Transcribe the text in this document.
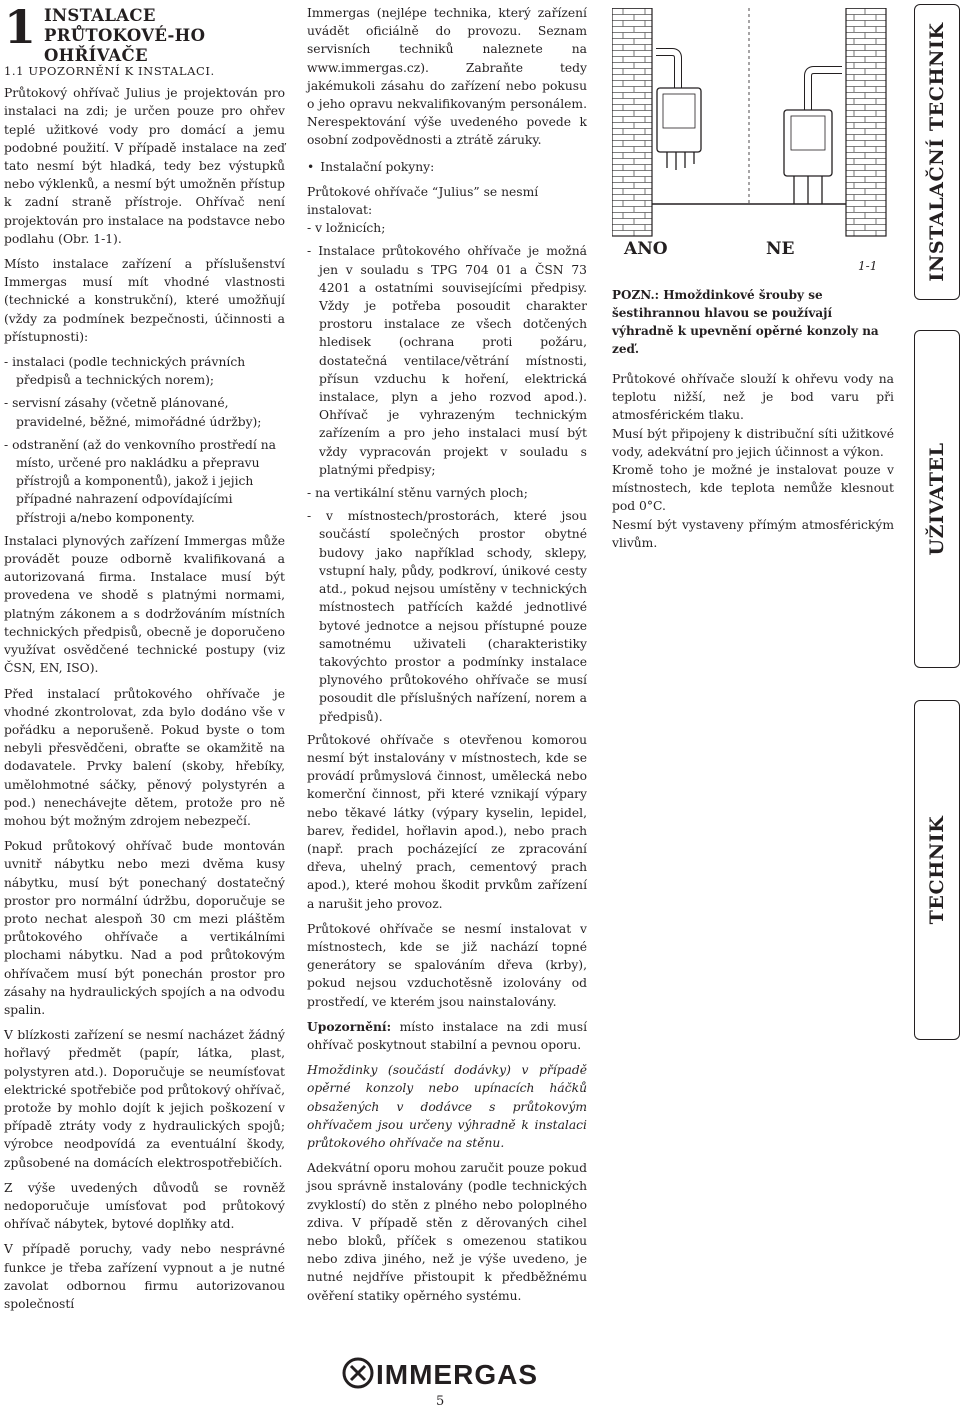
1 INSTALACE PRŮTOKOVÉ-HO OHŘÍVAČE
1.1 UPOZORNĚNÍ K INSTALACI.

Průtokový ohřívač Julius je projektován pro instalaci na zdi; je určen pouze pro ohřev teplé užitkové vody pro domácí a jemu podobné použití. V případě instalace na zeď tato nesmí být hladká, tedy bez výstupků nebo výklenků, a nesmí být umožněn přístup k zadní straně přístroje. Ohřívač není projektován pro instalace na podstavce nebo podlahu (Obr. 1-1).

Místo instalace zařízení a příslušenství Immergas musí mít vhodné vlastnosti (technické a konstrukční), které umožňují (vždy za podmínek bezpečnosti, účinnosti a přístupnosti):

- instalaci (podle technických právních předpisů a technických norem);

- servisní zásahy (včetně plánované, pravidelné, běžné, mimořádné údržby);

- odstranění (až do venkovního prostředí na místo, určené pro nakládku a přepravu přístrojů a komponentů), jakož i jejich případné nahrazení odpovídajícími přístroji a/nebo komponenty.

Instalaci plynových zařízení Immergas může provádět pouze odborně kvalifikovaná a autorizovaná firma. Instalace musí být provedena ve shodě s platnými normami, platným zákonem a s dodržováním místních technických předpisů, obecně je doporučeno využívat osvědčené technické postupy (viz ČSN, EN, ISO).

Před instalací průtokového ohřívače je vhodné zkontrolovat, zda bylo dodáno vše v pořádku a neporušeně. Pokud byste o tom nebyli přesvědčeni, obraťte se okamžitě na dodavatele. Prvky balení (skoby, hřebíky, umělohmotné sáčky, pěnový polystyrén a pod.) nenechávejte dětem, protože pro ně mohou být možným zdrojem nebezpečí.

Pokud průtokový ohřívač bude montován uvnitř nábytku nebo mezi dvěma kusy nábytku, musí být ponechaný dostatečný prostor pro normální údržbu, doporučuje se proto nechat alespoň 30 cm mezi pláštěm průtokového ohřívače a vertikálními plochami nábytku. Nad a pod průtokovým ohřívačem musí být ponechán prostor pro zásahy na hydraulických spojích a na odvodu spalin.

V blízkosti zařízení se nesmí nacházet žádný hořlavý předmět (papír, látka, plast, polystyren atd.). Doporučuje se neumísťovat elektrické spotřebiče pod průtokový ohřívač, protože by mohlo dojít k jejich poškození v případě ztráty vody z hydraulických spojů; výrobce neodpovídá za eventuální škody, způsobené na domácích elektrospotřebičích.

Z výše uvedených důvodů se rovněž nedoporučuje umísťovat pod průtokový ohřívač nábytek, bytové doplňky atd.

V případě poruchy, vady nebo nesprávné funkce je třeba zařízení vypnout a je nutné zavolat odbornou firmu autorizovanou společností

Immergas (nejlépe technika, který zařízení uvádět oficiálně do provozu. Seznam servisních techniků naleznete na www.immergas.cz). Zabraňte tedy jakémukoli zásahu do zařízení nebo pokusu o jeho opravu nekvalifikovaným personálem. Nerespektování výše uvedeného povede k osobní zodpovědnosti a ztrátě záruky.

• Instalační pokyny:

Průtokové ohřívače “Julius” se nesmí instalovat:

- v ložnicích;

- Instalace průtokového ohřívače je možná jen v souladu s TPG 704 01 a ČSN 73 4201 a ostatními souvisejícími předpisy. Vždy je potřeba posoudit charakter prostoru instalace ze všech dotčených hledisek (ochrana proti požáru, dostatečná ventilace/větrání místnosti, přísun vzduchu k hoření, elektrická instalace, plyn a jeho rozvod apod.). Ohřívač je vyhrazeným technickým zařízením a pro jeho instalaci musí být vždy vypracován projekt v souladu s platnými předpisy;

- na vertikální stěnu varných ploch;

- v místnostech/prostorách, které jsou součástí společných prostor obytné budovy jako například schody, sklepy, vstupní haly, půdy, podkroví, únikové cesty atd., pokud nejsou umístěny v technických místnostech patřících každé jednotlivé bytové jednotce a nejsou přístupné pouze samotnému uživateli (charakteristiky takovýchto prostor a podmínky instalace plynového průtokového ohřívače se musí posoudit dle příslušných nařízení, norem a předpisů).

Průtokové ohřívače s otevřenou komorou nesmí být instalovány v místnostech, kde se provádí průmyslová činnost, umělecká nebo komerční činnost, při které vznikají výpary nebo těkavé látky (výpary kyselin, lepidel, barev, ředidel, hořlavin apod.), nebo prach (např. prach pocházející ze zpracování dřeva, uhelný prach, cementový prach apod.), které mohou škodit prvkům zařízení a narušit jeho provoz.

Průtokové ohřívače se nesmí instalovat v místnostech, kde se již nachází topné generátory se spalováním dřeva (krby), pokud nejsou vzduchotěsně izolovány od prostředí, ve kterém jsou nainstalovány.

Upozornění: místo instalace na zdi musí ohřívač poskytnout stabilní a pevnou oporu.

Hmoždinky (součástí dodávky) v případě opěrné konzoly nebo upínacích háčků obsažených v dodávce s průtokovým ohřívačem jsou určeny výhradně k instalaci průtokového ohřívače na stěnu.

Adekvátní oporu mohou zaručit pouze pokud jsou správně instalovány (podle technických zvyklostí) do stěn z plného nebo poloplného zdiva. V případě stěn z děrovaných cihel nebo bloků, příček s omezenou statikou nebo zdiva jiného, než je výše uvedeno, je nutné nejdříve přistoupit k předběžnému ověření statiky opěrného systému.

ANO	NE
1-1

POZN.: Hmoždinkové šrouby se šestihrannou hlavou se používají výhradně k upevnění opěrné konzoly na zeď.

Průtokové ohřívače slouží k ohřevu vody na teplotu nižší, než je bod varu při atmosférickém tlaku.

Musí být připojeny k distribuční síti užitkové vody, adekvátní pro jejich účinnost a výkon.

Kromě toho je možné je instalovat pouze v místnostech, kde teplota nemůže klesnout pod 0°C.

Nesmí být vystaveny přímým atmosférickým vlivům.

INSTALAČNÍ TECHNIK
UŽIVATEL
TECHNIK
IMMERGAS
5
